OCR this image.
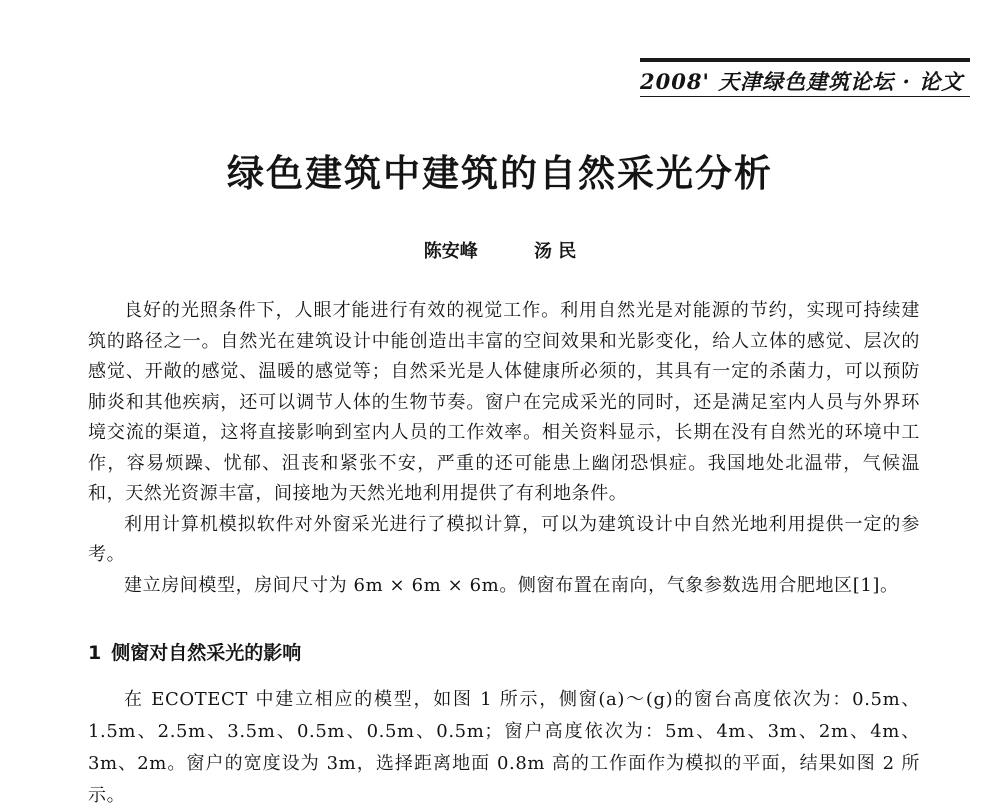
2008' 天津绿色建筑论坛 · 论文
绿色建筑中建筑的自然采光分析
陈安峰	汤 民

良好的光照条件下，人眼才能进行有效的视觉工作。利用自然光是对能源的节约，实现可持续建筑的路径之一。自然光在建筑设计中能创造出丰富的空间效果和光影变化，给人立体的感觉、层次的感觉、开敞的感觉、温暖的感觉等；自然采光是人体健康所必须的，其具有一定的杀菌力，可以预防肺炎和其他疾病，还可以调节人体的生物节奏。窗户在完成采光的同时，还是满足室内人员与外界环境交流的渠道，这将直接影响到室内人员的工作效率。相关资料显示，长期在没有自然光的环境中工作，容易烦躁、忧郁、沮丧和紧张不安，严重的还可能患上幽闭恐惧症。我国地处北温带，气候温和，天然光资源丰富，间接地为天然光地利用提供了有利地条件。

利用计算机模拟软件对外窗采光进行了模拟计算，可以为建筑设计中自然光地利用提供一定的参考。

建立房间模型，房间尺寸为 6m × 6m × 6m。侧窗布置在南向，气象参数选用合肥地区[1]。

1 侧窗对自然采光的影响

在 ECOTECT 中建立相应的模型，如图 1 所示，侧窗(a)～(g)的窗台高度依次为：0.5m、1.5m、2.5m、3.5m、0.5m、0.5m、0.5m；窗户高度依次为：5m、4m、3m、2m、4m、3m、2m。窗户的宽度设为 3m，选择距离地面 0.8m 高的工作面作为模拟的平面，结果如图 2 所示。
